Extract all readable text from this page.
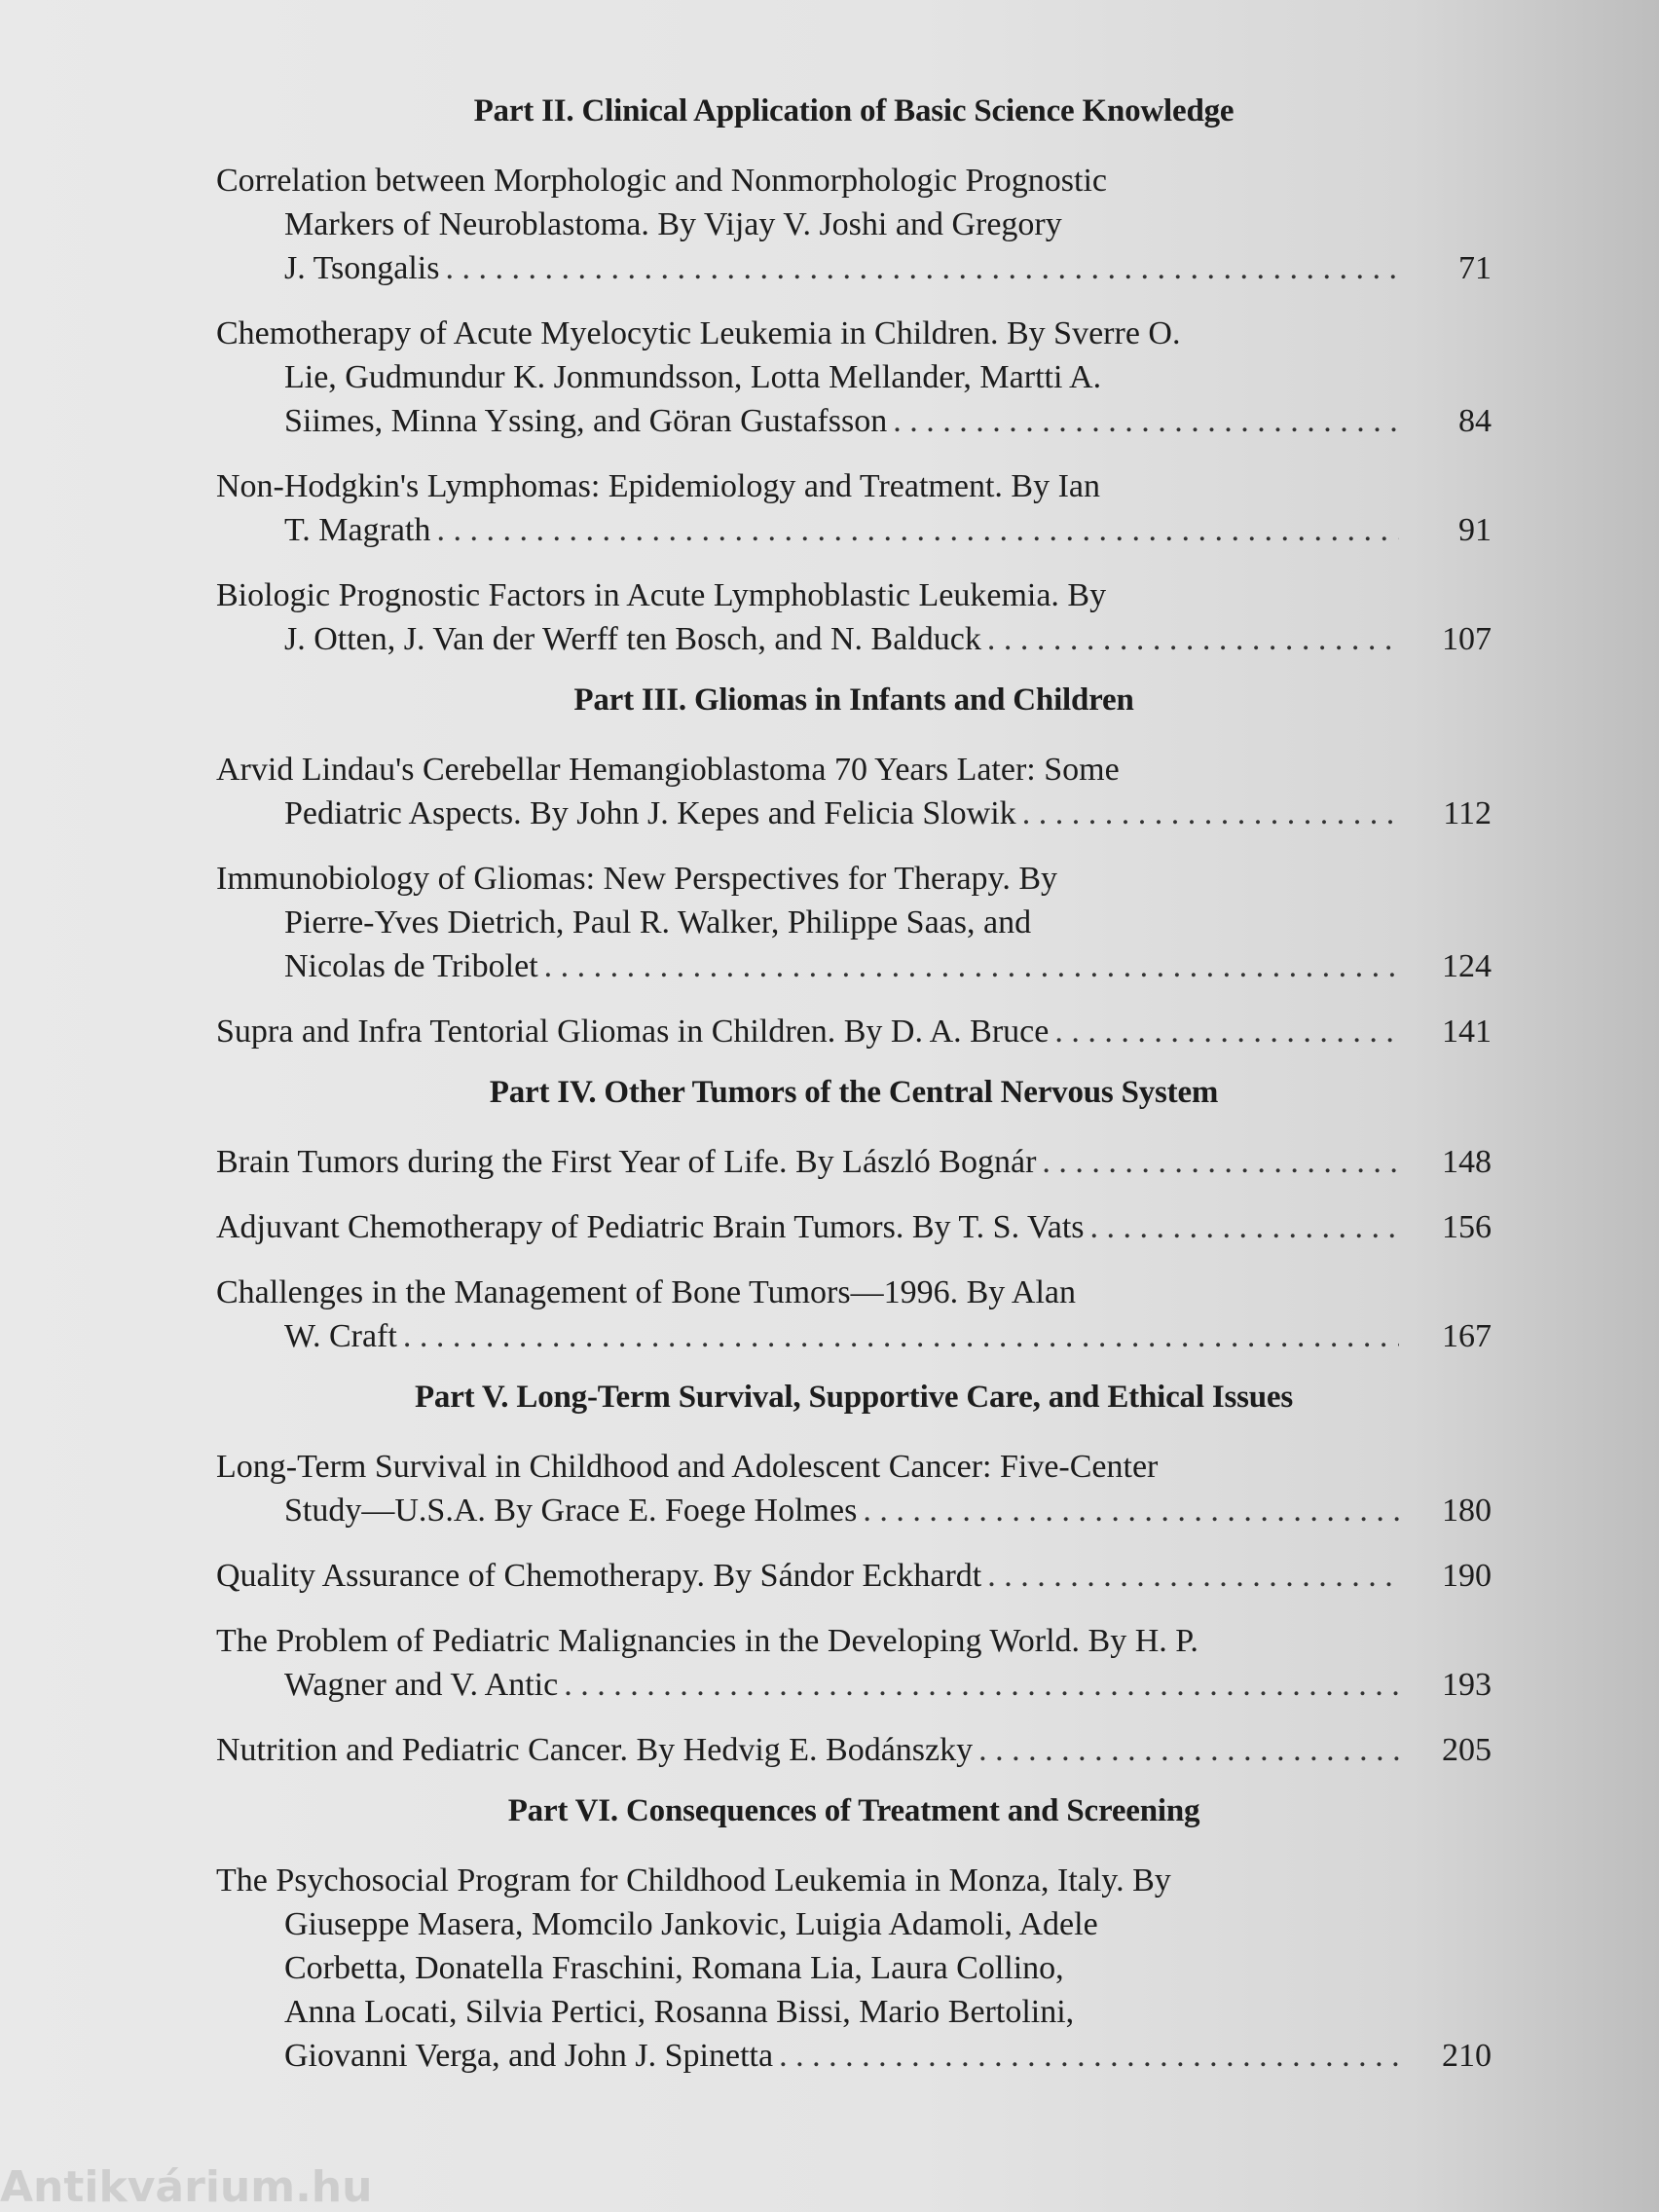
Part II. Clinical Application of Basic Science Knowledge
Correlation between Morphologic and Nonmorphologic Prognostic
Markers of Neuroblastoma. By Vijay V. Joshi and Gregory
J. Tsongalis . . .	71
Chemotherapy of Acute Myelocytic Leukemia in Children. By Sverre O.
Lie, Gudmundur K. Jonmundsson, Lotta Mellander, Martti A.
Siimes, Minna Yssing, and Göran Gustafsson . . .	84
Non-Hodgkin's Lymphomas: Epidemiology and Treatment. By Ian
T. Magrath . . .	91
Biologic Prognostic Factors in Acute Lymphoblastic Leukemia. By
J. Otten, J. Van der Werff ten Bosch, and N. Balduck . . .	107
Part III. Gliomas in Infants and Children
Arvid Lindau's Cerebellar Hemangioblastoma 70 Years Later: Some
Pediatric Aspects. By John J. Kepes and Felicia Slowik . . .	112
Immunobiology of Gliomas: New Perspectives for Therapy. By
Pierre-Yves Dietrich, Paul R. Walker, Philippe Saas, and
Nicolas de Tribolet . . .	124
Supra and Infra Tentorial Gliomas in Children. By D. A. Bruce . . .	141
Part IV. Other Tumors of the Central Nervous System
Brain Tumors during the First Year of Life. By László Bognár . . .	148
Adjuvant Chemotherapy of Pediatric Brain Tumors. By T. S. Vats . . .	156
Challenges in the Management of Bone Tumors—1996. By Alan
W. Craft . . .	167
Part V. Long-Term Survival, Supportive Care, and Ethical Issues
Long-Term Survival in Childhood and Adolescent Cancer: Five-Center
Study—U.S.A. By Grace E. Foege Holmes . . .	180
Quality Assurance of Chemotherapy. By Sándor Eckhardt . . .	190
The Problem of Pediatric Malignancies in the Developing World. By H. P.
Wagner and V. Antic . . .	193
Nutrition and Pediatric Cancer. By Hedvig E. Bodánszky . . .	205
Part VI. Consequences of Treatment and Screening
The Psychosocial Program for Childhood Leukemia in Monza, Italy. By
Giuseppe Masera, Momcilo Jankovic, Luigia Adamoli, Adele
Corbetta, Donatella Fraschini, Romana Lia, Laura Collino,
Anna Locati, Silvia Pertici, Rosanna Bissi, Mario Bertolini,
Giovanni Verga, and John J. Spinetta . . .	210
Antikvárium.hu
